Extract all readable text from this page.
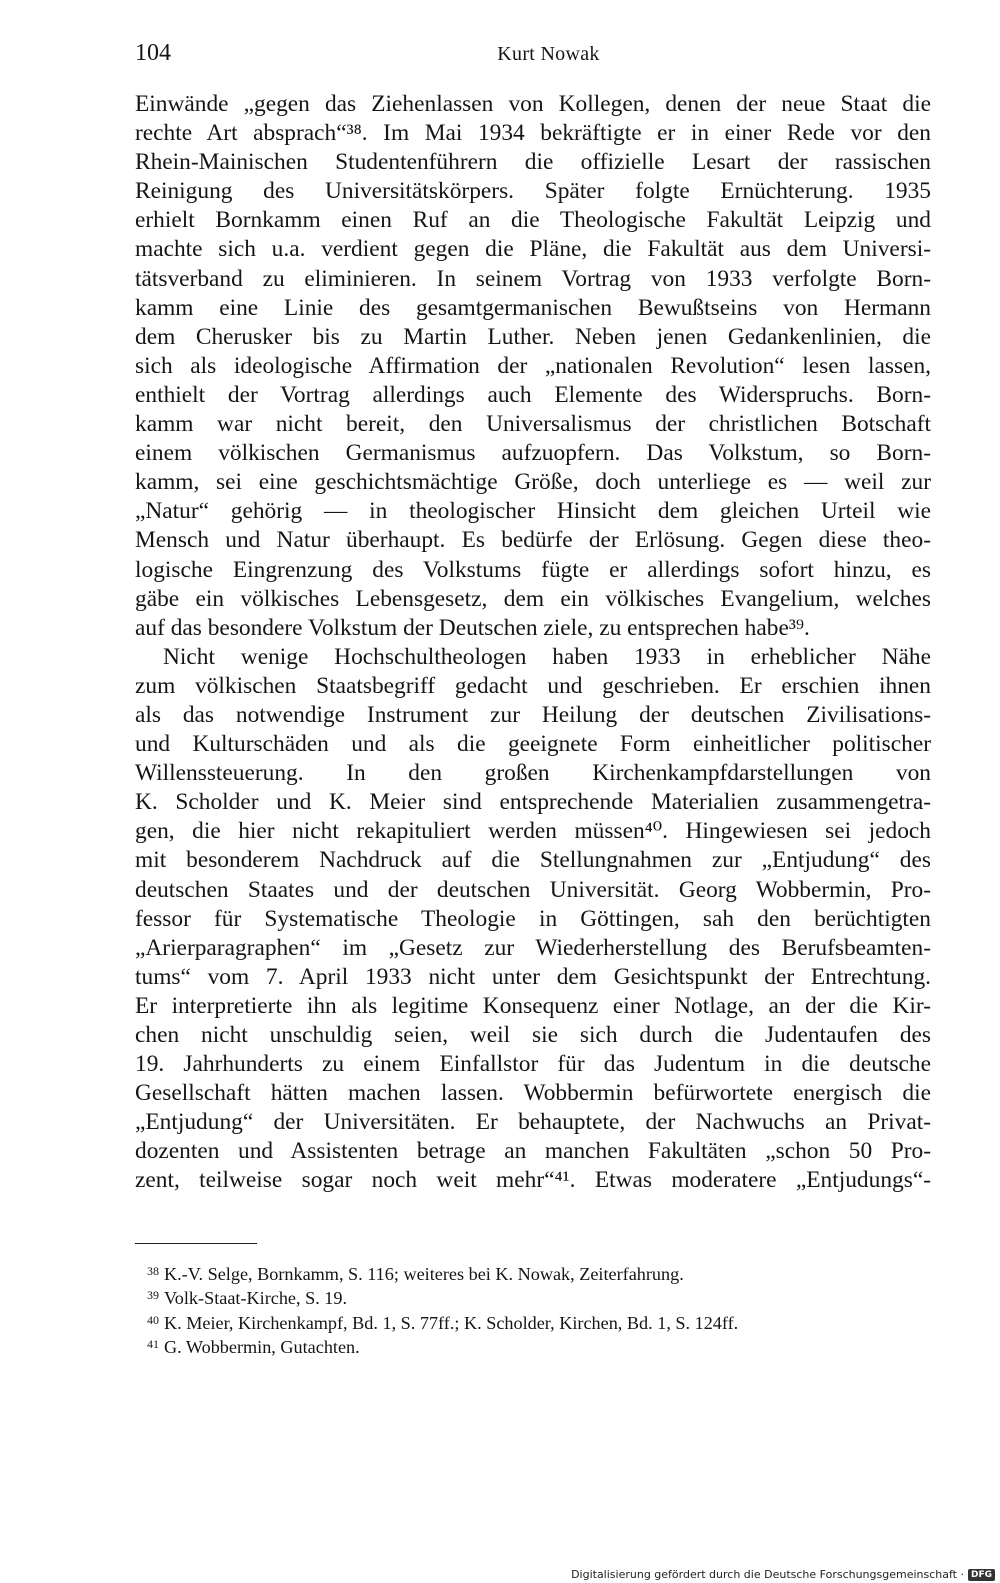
104	Kurt Nowak
Einwände „gegen das Ziehenlassen von Kollegen, denen der neue Staat die
rechte Art absprach“³⁸. Im Mai 1934 bekräftigte er in einer Rede vor den
Rhein-Mainischen Studentenführern die offizielle Lesart der rassischen
Reinigung des Universitätskörpers. Später folgte Ernüchterung. 1935
erhielt Bornkamm einen Ruf an die Theologische Fakultät Leipzig und
machte sich u.a. verdient gegen die Pläne, die Fakultät aus dem Universi-
tätsverband zu eliminieren. In seinem Vortrag von 1933 verfolgte Born-
kamm eine Linie des gesamtgermanischen Bewußtseins von Hermann
dem Cherusker bis zu Martin Luther. Neben jenen Gedankenlinien, die
sich als ideologische Affirmation der „nationalen Revolution“ lesen lassen,
enthielt der Vortrag allerdings auch Elemente des Widerspruchs. Born-
kamm war nicht bereit, den Universalismus der christlichen Botschaft
einem völkischen Germanismus aufzuopfern. Das Volkstum, so Born-
kamm, sei eine geschichtsmächtige Größe, doch unterliege es — weil zur
„Natur“ gehörig — in theologischer Hinsicht dem gleichen Urteil wie
Mensch und Natur überhaupt. Es bedürfe der Erlösung. Gegen diese theo-
logische Eingrenzung des Volkstums fügte er allerdings sofort hinzu, es
gäbe ein völkisches Lebensgesetz, dem ein völkisches Evangelium, welches
auf das besondere Volkstum der Deutschen ziele, zu entsprechen habe³⁹.
Nicht wenige Hochschultheologen haben 1933 in erheblicher Nähe
zum völkischen Staatsbegriff gedacht und geschrieben. Er erschien ihnen
als das notwendige Instrument zur Heilung der deutschen Zivilisations-
und Kulturschäden und als die geeignete Form einheitlicher politischer
Willenssteuerung. In den großen Kirchenkampfdarstellungen von
K. Scholder und K. Meier sind entsprechende Materialien zusammengetra-
gen, die hier nicht rekapituliert werden müssen⁴⁰. Hingewiesen sei jedoch
mit besonderem Nachdruck auf die Stellungnahmen zur „Entjudung“ des
deutschen Staates und der deutschen Universität. Georg Wobbermin, Pro-
fessor für Systematische Theologie in Göttingen, sah den berüchtigten
„Arierparagraphen“ im „Gesetz zur Wiederherstellung des Berufsbeamten-
tums“ vom 7. April 1933 nicht unter dem Gesichtspunkt der Entrechtung.
Er interpretierte ihn als legitime Konsequenz einer Notlage, an der die Kir-
chen nicht unschuldig seien, weil sie sich durch die Judentaufen des
19. Jahrhunderts zu einem Einfallstor für das Judentum in die deutsche
Gesellschaft hätten machen lassen. Wobbermin befürwortete energisch die
„Entjudung“ der Universitäten. Er behauptete, der Nachwuchs an Privat-
dozenten und Assistenten betrage an manchen Fakultäten „schon 50 Pro-
zent, teilweise sogar noch weit mehr“⁴¹. Etwas moderatere „Entjudungs“-
$^{38}$ K.-V. Selge, Bornkamm, S. 116; weiteres bei K. Nowak, Zeiterfahrung.
$^{39}$ Volk-Staat-Kirche, S. 19.
$^{40}$ K. Meier, Kirchenkampf, Bd. 1, S. 77ff.; K. Scholder, Kirchen, Bd. 1, S. 124ff.
$^{41}$ G. Wobbermin, Gutachten.
Digitalisierung gefördert durch die Deutsche Forschungsgemeinschaft · DFG
